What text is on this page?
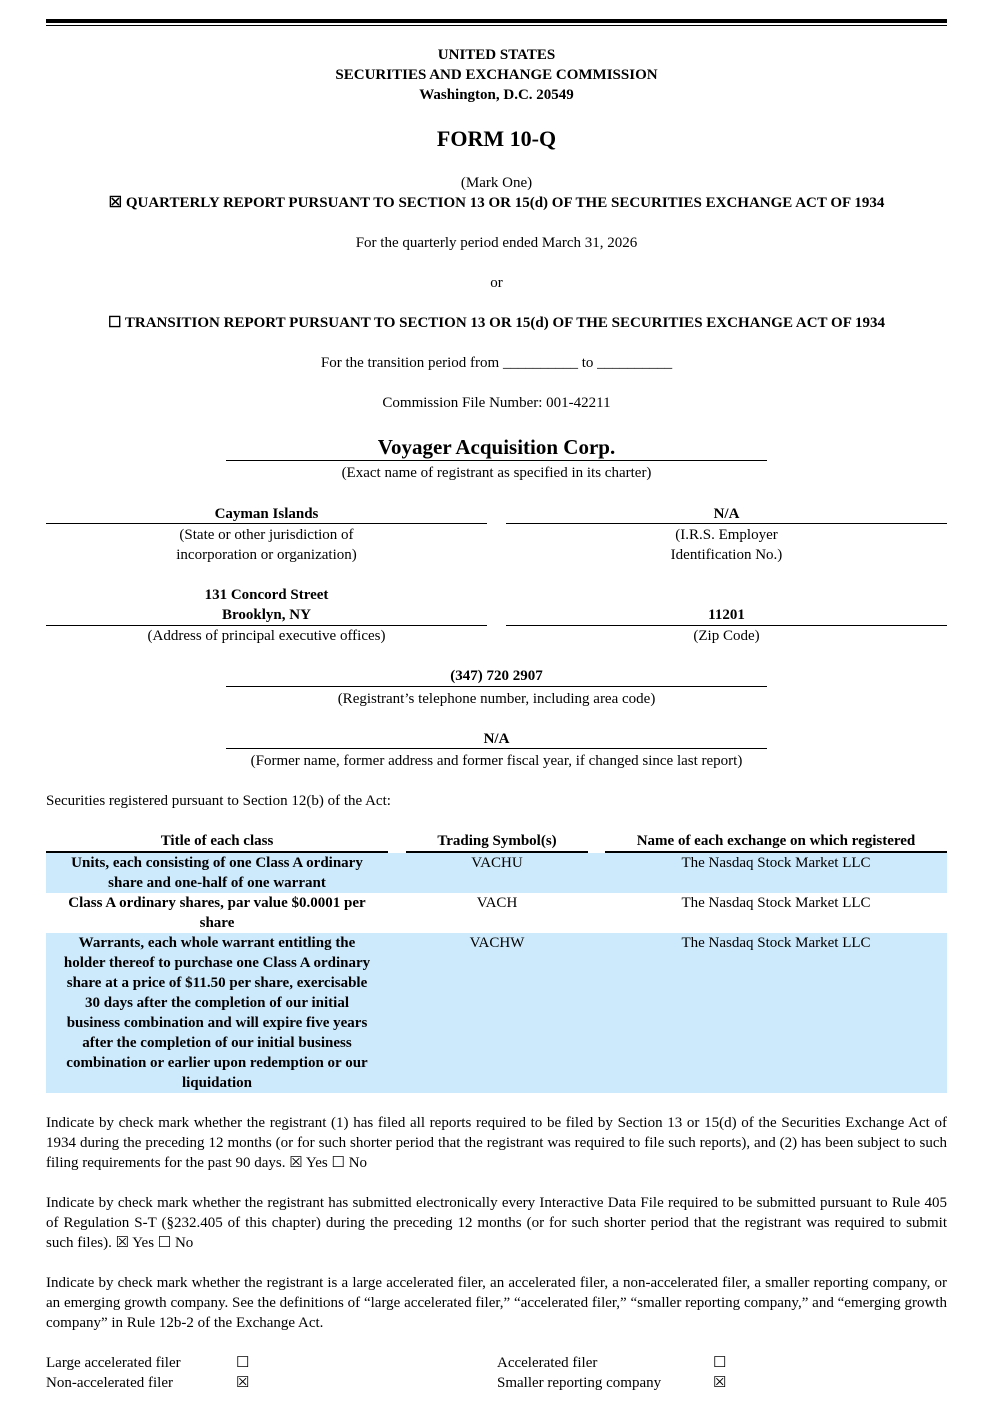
UNITED STATES
SECURITIES AND EXCHANGE COMMISSION
Washington, D.C. 20549
FORM 10-Q
(Mark One)
☒ QUARTERLY REPORT PURSUANT TO SECTION 13 OR 15(d) OF THE SECURITIES EXCHANGE ACT OF 1934
For the quarterly period ended March 31, 2026
or
☐ TRANSITION REPORT PURSUANT TO SECTION 13 OR 15(d) OF THE SECURITIES EXCHANGE ACT OF 1934
For the transition period from __________ to __________
Commission File Number: 001-42211
Voyager Acquisition Corp.
(Exact name of registrant as specified in its charter)
Cayman Islands
(State or other jurisdiction of
incorporation or organization)
N/A
(I.R.S. Employer
Identification No.)
131 Concord Street
Brooklyn, NY
(Address of principal executive offices)
11201
(Zip Code)
(347) 720 2907
(Registrant’s telephone number, including area code)
N/A
(Former name, former address and former fiscal year, if changed since last report)
Securities registered pursuant to Section 12(b) of the Act:
Title of each class	Trading Symbol(s)	Name of each exchange on which registered
Units, each consisting of one Class A ordinary
share and one-half of one warrant
VACHU	The Nasdaq Stock Market LLC
Class A ordinary shares, par value $0.0001 per
share
VACH	The Nasdaq Stock Market LLC
Warrants, each whole warrant entitling the
holder thereof to purchase one Class A ordinary
share at a price of $11.50 per share, exercisable
30 days after the completion of our initial
business combination and will expire five years
after the completion of our initial business
combination or earlier upon redemption or our
liquidation
VACHW	The Nasdaq Stock Market LLC
Indicate by check mark whether the registrant (1) has filed all reports required to be filed by Section 13 or 15(d) of the Securities Exchange Act of 1934 during the preceding 12 months (or for such shorter period that the registrant was required to file such reports), and (2) has been subject to such filing requirements for the past 90 days. ☒ Yes ☐ No
Indicate by check mark whether the registrant has submitted electronically every Interactive Data File required to be submitted pursuant to Rule 405 of Regulation S-T (§232.405 of this chapter) during the preceding 12 months (or for such shorter period that the registrant was required to submit such files). ☒ Yes ☐ No
Indicate by check mark whether the registrant is a large accelerated filer, an accelerated filer, a non-accelerated filer, a smaller reporting company, or an emerging growth company. See the definitions of “large accelerated filer,” “accelerated filer,” “smaller reporting company,” and “emerging growth company” in Rule 12b-2 of the Exchange Act.
Large accelerated filer	☐	Accelerated filer	☐
Non-accelerated filer	☒	Smaller reporting company	☒
